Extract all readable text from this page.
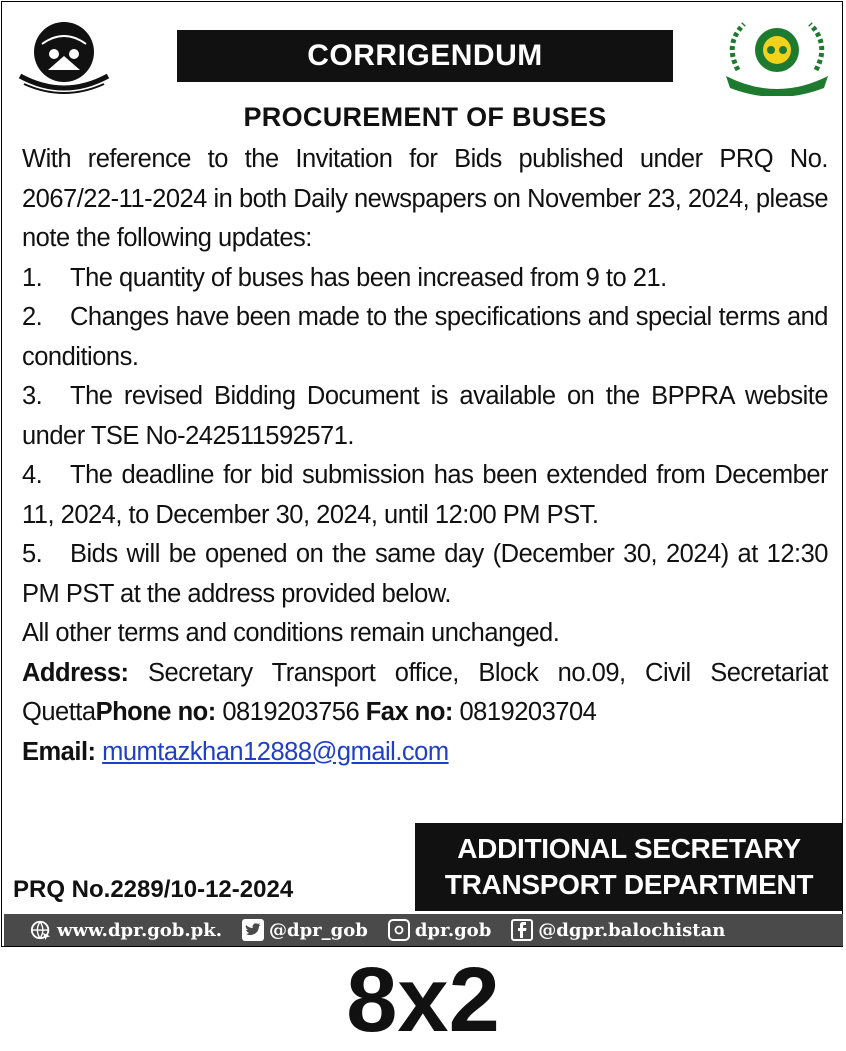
CORRIGENDUM
PROCUREMENT OF BUSES

With reference to the Invitation for Bids published under PRQ No. 2067/22-11-2024 in both Daily newspapers on November 23, 2024, please note the following updates:

1. The quantity of buses has been increased from 9 to 21.

2. Changes have been made to the specifications and special terms and conditions.

3. The revised Bidding Document is available on the BPPRA website under TSE No-242511592571.

4. The deadline for bid submission has been extended from December 11, 2024, to December 30, 2024, until 12:00 PM PST.

5. Bids will be opened on the same day (December 30, 2024) at 12:30 PM PST at the address provided below.

All other terms and conditions remain unchanged.

Address: Secretary Transport office, Block no.09, Civil Secretariat QuettaPhone no: 0819203756 Fax no: 0819203704

Email: mumtazkhan12888@gmail.com

PRQ No.2289/10-12-2024
ADDITIONAL SECRETARY
TRANSPORT DEPARTMENT
www.dpr.gob.pk.	@dpr_gob	dpr.gob	@dgpr.balochistan
8x2
